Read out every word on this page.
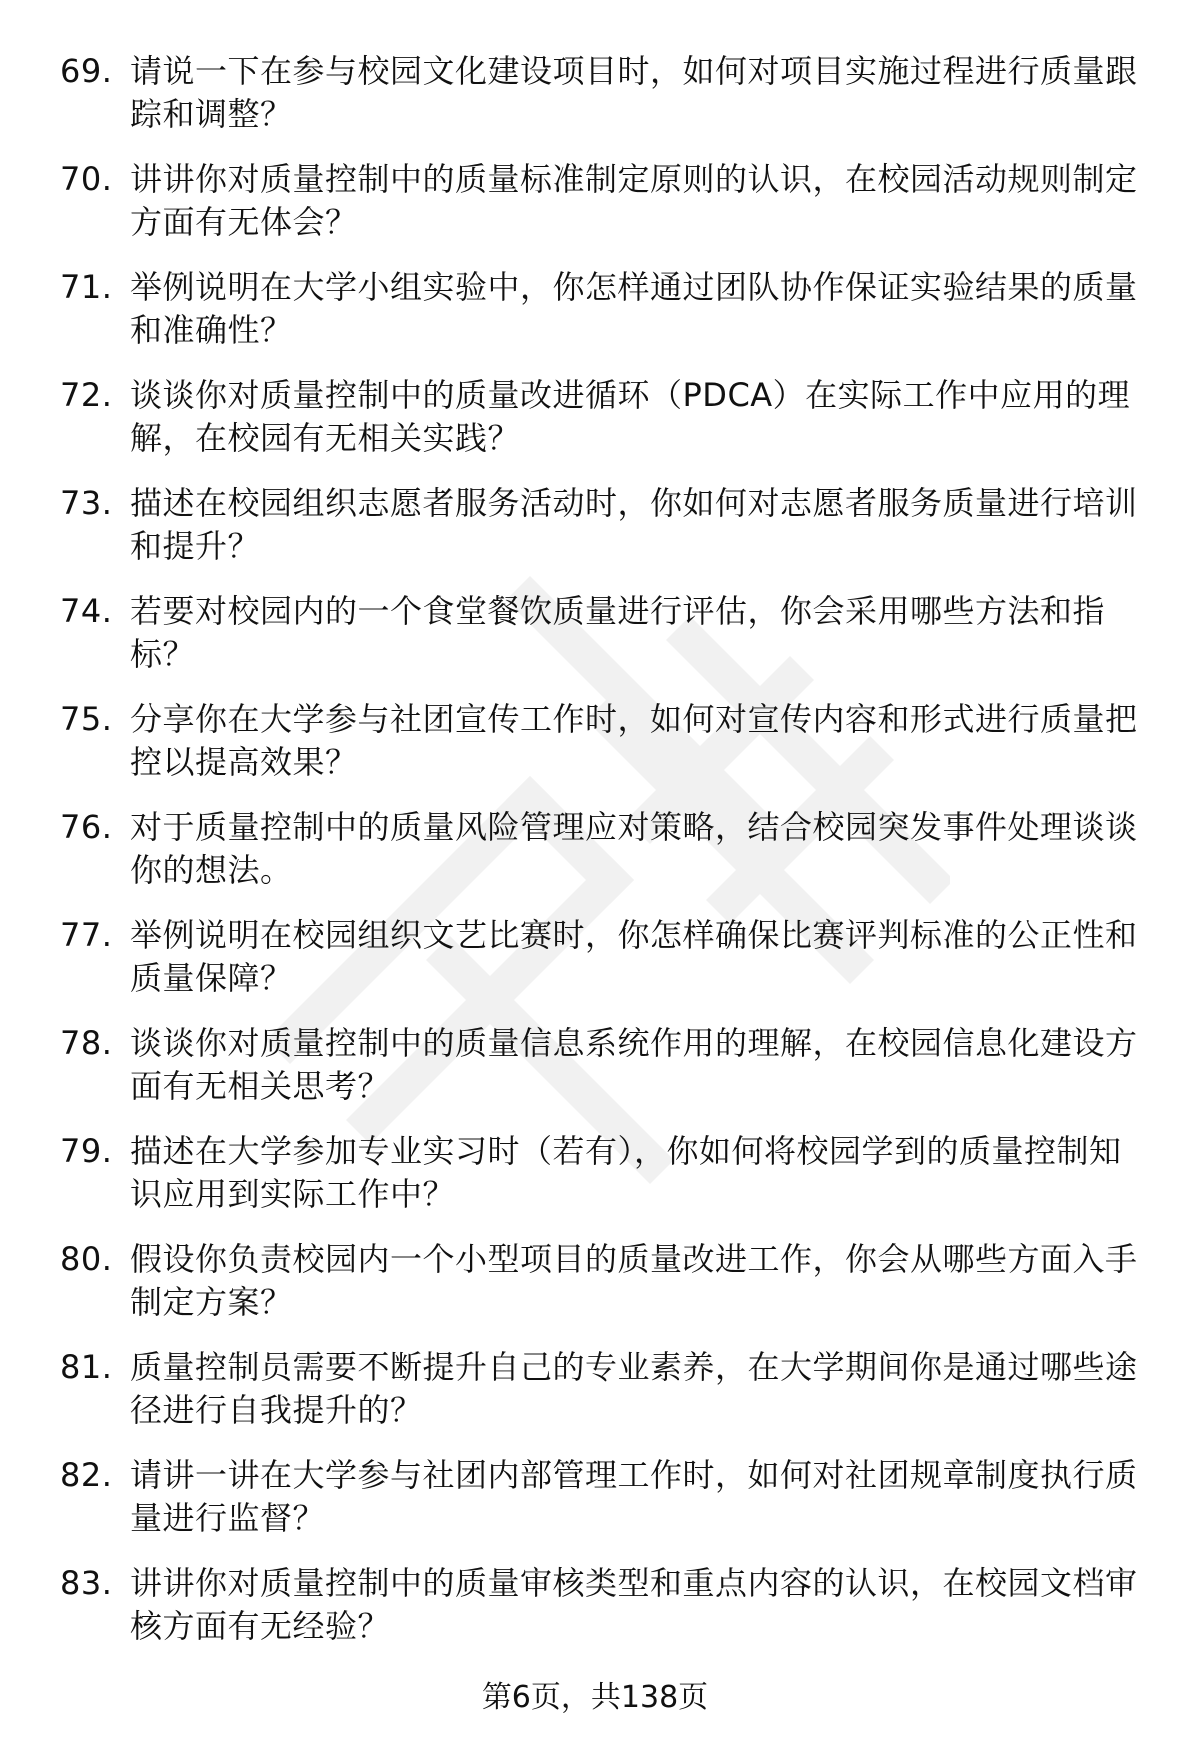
69. 请说一下在参与校园文化建设项目时，如何对项目实施过程进行质量跟踪和调整？
70. 讲讲你对质量控制中的质量标准制定原则的认识，在校园活动规则制定方面有无体会？
71. 举例说明在大学小组实验中，你怎样通过团队协作保证实验结果的质量和准确性？
72. 谈谈你对质量控制中的质量改进循环（PDCA）在实际工作中应用的理解，在校园有无相关实践？
73. 描述在校园组织志愿者服务活动时，你如何对志愿者服务质量进行培训和提升？
74. 若要对校园内的一个食堂餐饮质量进行评估，你会采用哪些方法和指标？
75. 分享你在大学参与社团宣传工作时，如何对宣传内容和形式进行质量把控以提高效果？
76. 对于质量控制中的质量风险管理应对策略，结合校园突发事件处理谈谈你的想法。
77. 举例说明在校园组织文艺比赛时，你怎样确保比赛评判标准的公正性和质量保障？
78. 谈谈你对质量控制中的质量信息系统作用的理解，在校园信息化建设方面有无相关思考？
79. 描述在大学参加专业实习时（若有），你如何将校园学到的质量控制知识应用到实际工作中？
80. 假设你负责校园内一个小型项目的质量改进工作，你会从哪些方面入手制定方案？
81. 质量控制员需要不断提升自己的专业素养，在大学期间你是通过哪些途径进行自我提升的？
82. 请讲一讲在大学参与社团内部管理工作时，如何对社团规章制度执行质量进行监督？
83. 讲讲你对质量控制中的质量审核类型和重点内容的认识，在校园文档审核方面有无经验？
第6页，共138页
